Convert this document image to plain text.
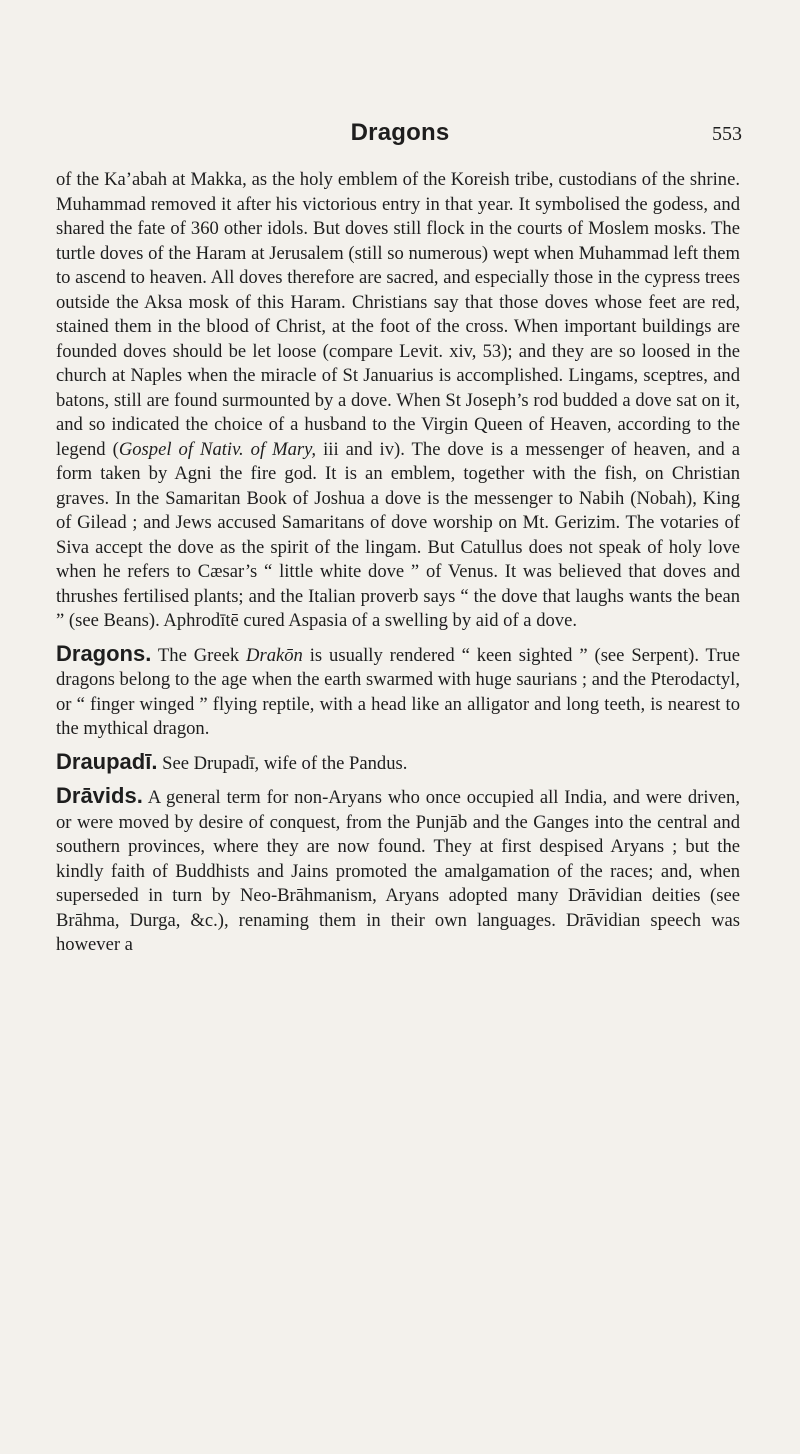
Dragons	553

of the Ka’abah at Makka, as the holy emblem of the Koreish tribe, custodians of the shrine. Muhammad removed it after his victorious entry in that year. It symbolised the godess, and shared the fate of 360 other idols. But doves still flock in the courts of Moslem mosks. The turtle doves of the Haram at Jerusalem (still so numerous) wept when Muhammad left them to ascend to heaven. All doves therefore are sacred, and especially those in the cypress trees outside the Aksa mosk of this Haram. Christians say that those doves whose feet are red, stained them in the blood of Christ, at the foot of the cross. When important buildings are founded doves should be let loose (compare Levit. xiv, 53); and they are so loosed in the church at Naples when the miracle of St Januarius is accomplished. Lingams, sceptres, and batons, still are found surmounted by a dove. When St Joseph’s rod budded a dove sat on it, and so indicated the choice of a husband to the Virgin Queen of Heaven, according to the legend (Gospel of Nativ. of Mary, iii and iv). The dove is a messenger of heaven, and a form taken by Agni the fire god. It is an emblem, together with the fish, on Christian graves. In the Samaritan Book of Joshua a dove is the messenger to Nabih (Nobah), King of Gilead ; and Jews accused Samaritans of dove worship on Mt. Gerizim. The votaries of Siva accept the dove as the spirit of the lingam. But Catullus does not speak of holy love when he refers to Cæsar’s “ little white dove ” of Venus. It was believed that doves and thrushes fertilised plants; and the Italian proverb says “ the dove that laughs wants the bean ” (see Beans). Aphrodītē cured Aspasia of a swelling by aid of a dove.

Dragons. The Greek Drakōn is usually rendered “ keen sighted ” (see Serpent). True dragons belong to the age when the earth swarmed with huge saurians ; and the Pterodactyl, or “ finger winged ” flying reptile, with a head like an alligator and long teeth, is nearest to the mythical dragon.

Draupadī. See Drupadī, wife of the Pandus.

Drāvids. A general term for non-Aryans who once occupied all India, and were driven, or were moved by desire of conquest, from the Punjāb and the Ganges into the central and southern provinces, where they are now found. They at first despised Aryans ; but the kindly faith of Buddhists and Jains promoted the amalgamation of the races; and, when superseded in turn by Neo-Brāhmanism, Aryans adopted many Drāvidian deities (see Brāhma, Durga, &c.), renaming them in their own languages. Drāvidian speech was however a
